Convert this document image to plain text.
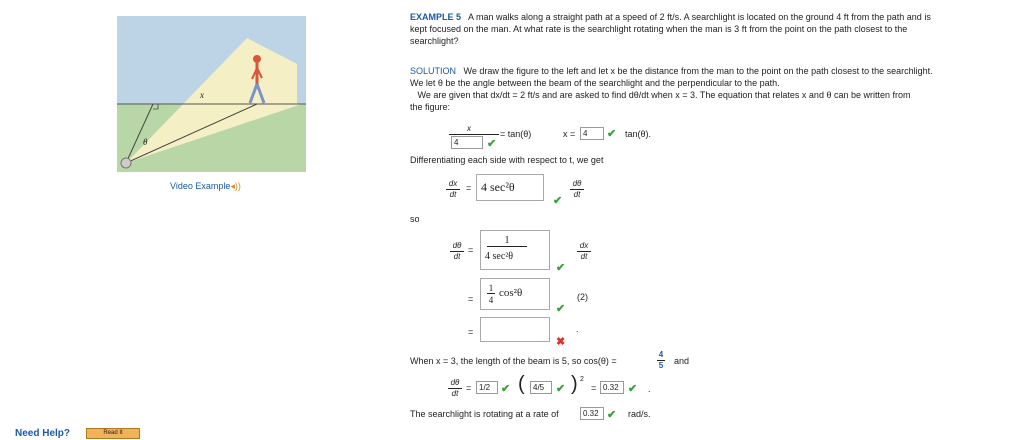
x
θ
Video Example◂))
EXAMPLE 5 A man walks along a straight path at a speed of 2 ft/s. A searchlight is located on the ground 4 ft from the path and is
kept focused on the man. At what rate is the searchlight rotating when the man is 3 ft from the point on the path closest to the
searchlight?
SOLUTION We draw the figure to the left and let x be the distance from the man to the point on the path closest to the searchlight.
We let θ be the angle between the beam of the searchlight and the perpendicular to the path.
We are given that dx/dt = 2 ft/s and are asked to find dθ/dt when x = 3. The equation that relates x and θ can be written from
the figure:
x
4	✔
= tan(θ)	x = 4	✔ tan(θ).
Differentiating each side with respect to t, we get
$\frac{dx}{dt} = 4$ sec²θ
✔
$\frac{d\theta}{dt}$
so
$\frac{d\theta}{dt}$ =
1
4 sec²θ
✔
$\frac{dx}{dt}$
=
1
4
cos²θ
✔
(2)
=
✖
.
When x = 3, the length of the beam is 5, so cos(θ) =	$\frac{4}{5}$ and
$\frac{d\theta}{dt} = 1/2$ ✔ (	4/5	✔ ) 2
= 0.32 ✔ .
The searchlight is rotating at a rate of	0.32 ✔ rad/s.
Need Help?	Read It
